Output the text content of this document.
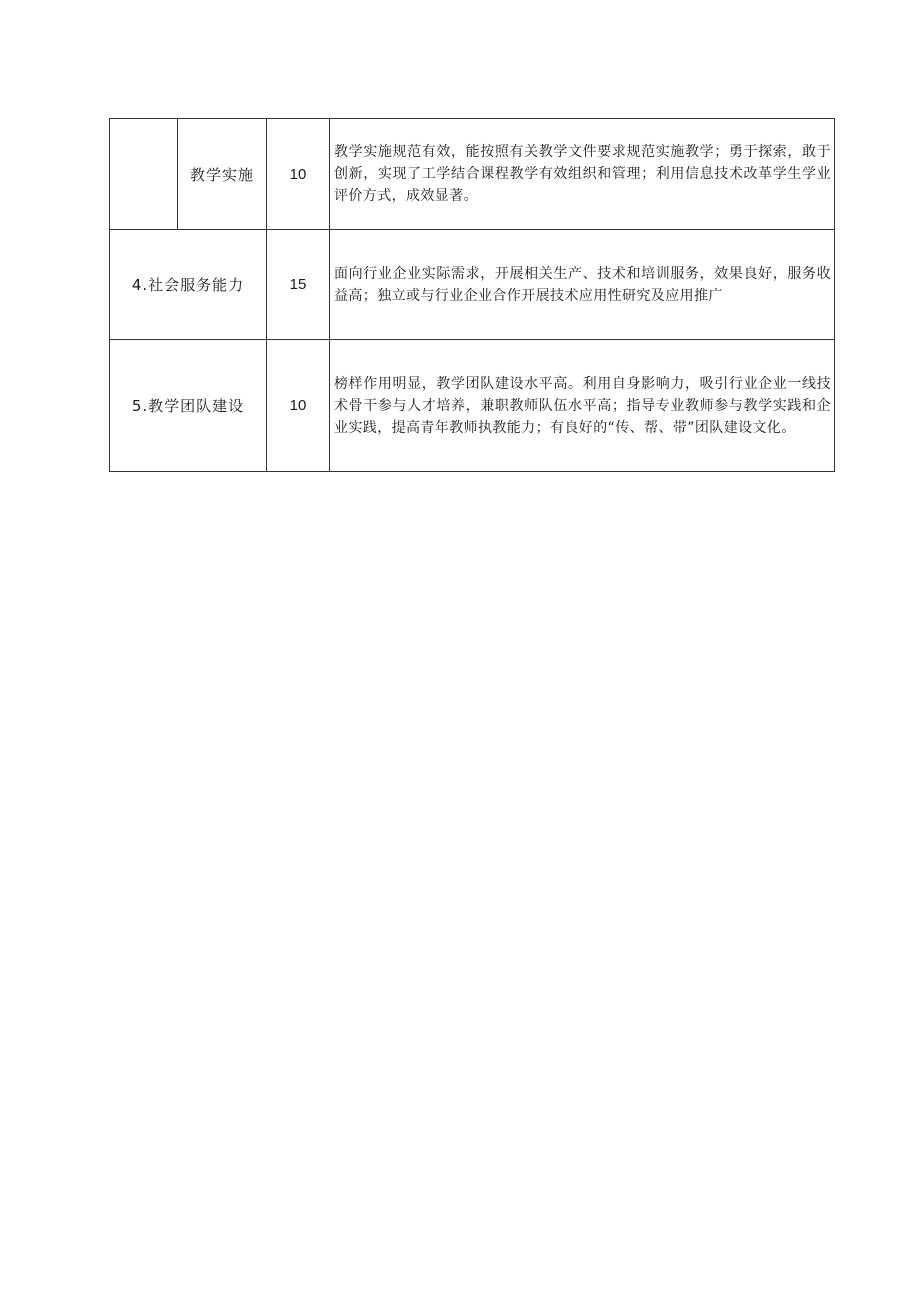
	教学实施	10	教学实施规范有效，能按照有关教学文件要求规范实施教学；勇于探索，敢于创新，实现了工学结合课程教学有效组织和管理；利用信息技术改革学生学业评价方式，成效显著。
4.社会服务能力		15	面向行业企业实际需求，开展相关生产、技术和培训服务，效果良好，服务收益高；独立或与行业企业合作开展技术应用性研究及应用推广
5.教学团队建设		10	榜样作用明显，教学团队建设水平高。利用自身影响力，吸引行业企业一线技术骨干参与人才培养，兼职教师队伍水平高；指导专业教师参与教学实践和企业实践，提高青年教师执教能力；有良好的“传、帮、带”团队建设文化。
